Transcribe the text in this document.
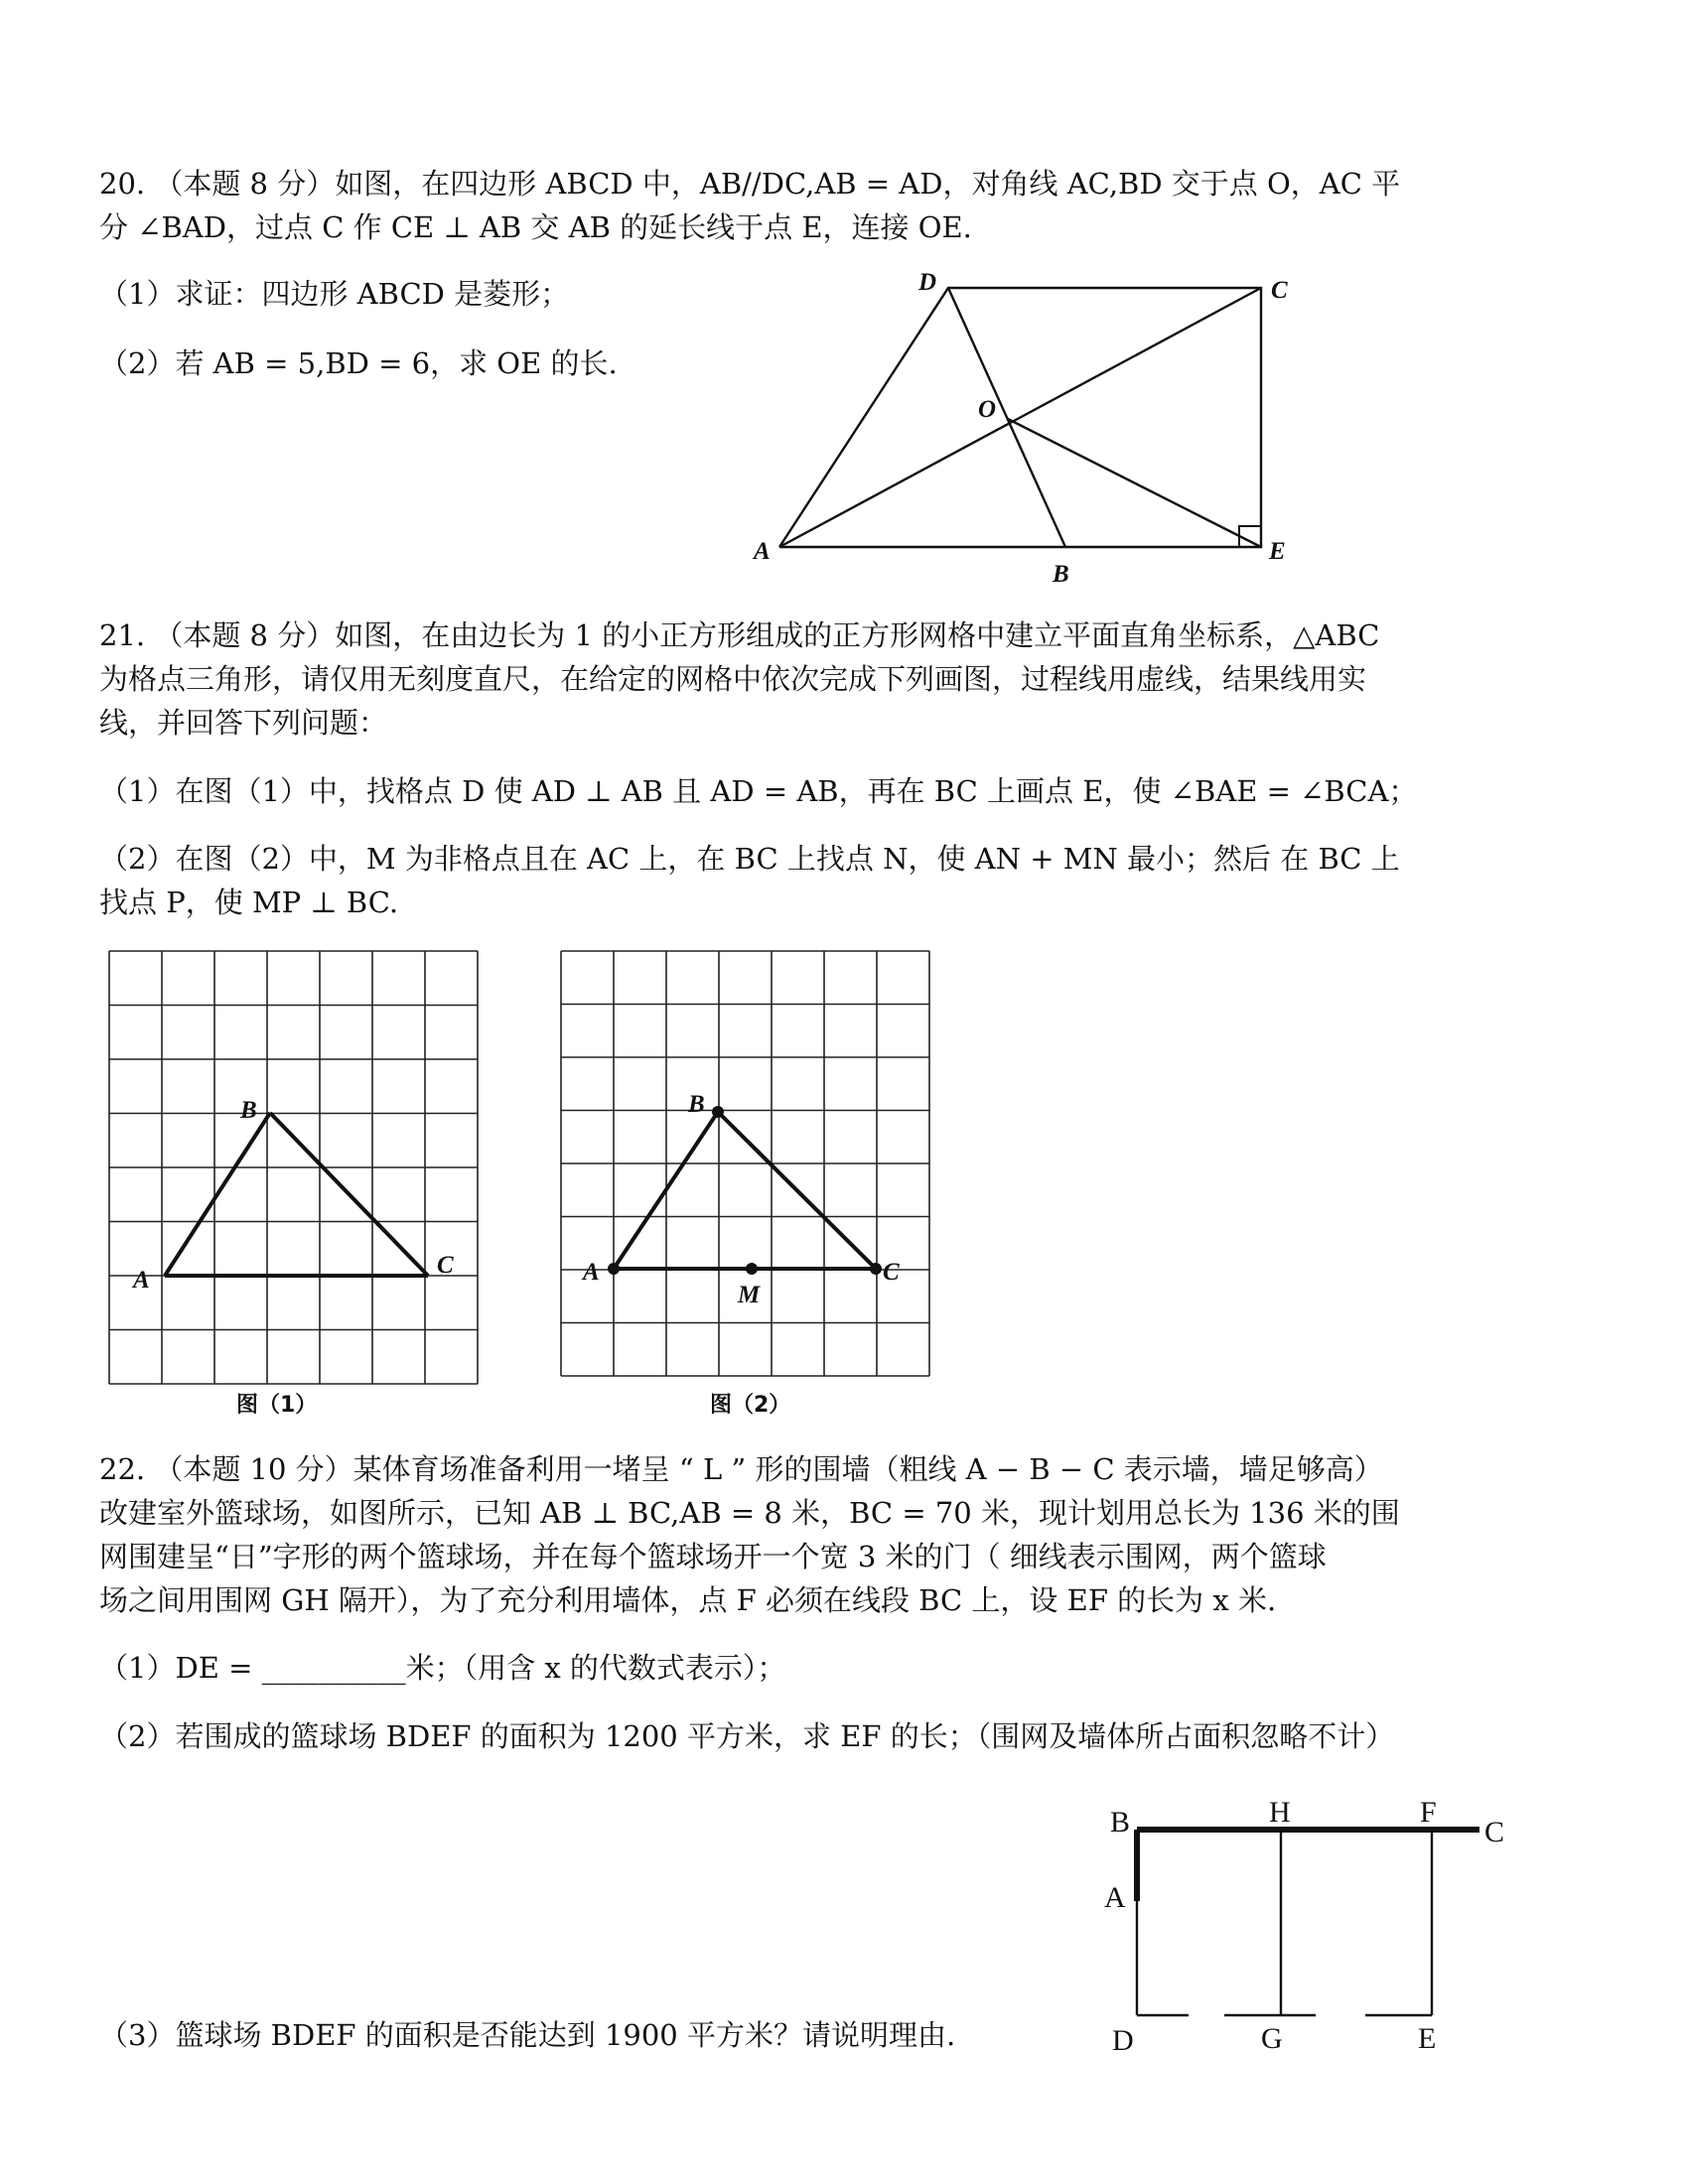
20. （本题 8 分）如图，在四边形 ABCD 中，AB//DC,AB = AD，对角线 AC,BD 交于点 O，AC 平
分 ∠BAD，过点 C 作 CE ⊥ AB 交 AB 的延长线于点 E，连接 OE.
（1）求证：四边形 ABCD 是菱形；
（2）若 AB = 5,BD = 6，求 OE 的长.
D	C
O
A
B
E
21. （本题 8 分）如图，在由边长为 1 的小正方形组成的正方形网格中建立平面直角坐标系，△ABC
为格点三角形，请仅用无刻度直尺，在给定的网格中依次完成下列画图，过程线用虚线，结果线用实
线，并回答下列问题：
（1）在图（1）中，找格点 D 使 AD ⊥ AB 且 AD = AB，再在 BC 上画点 E，使 ∠BAE = ∠BCA；
（2）在图（2）中，M 为非格点且在 AC 上，在 BC 上找点 N，使 AN + MN 最小；然后 在 BC 上
找点 P，使 MP ⊥ BC.
A
B
C
图（1）
A
B
C
M
图（2）
22. （本题 10 分）某体育场准备利用一堵呈 “ L ” 形的围墙（粗线 A − B − C 表示墙，墙足够高）
改建室外篮球场，如图所示，已知 AB ⊥ BC,AB = 8 米，BC = 70 米，现计划用总长为 136 米的围
网围建呈“日”字形的两个篮球场，并在每个篮球场开一个宽 3 米的门（ 细线表示围网，两个篮球
场之间用围网 GH 隔开），为了充分利用墙体，点 F 必须在线段 BC 上，设 EF 的长为 x 米.
（1）DE = __________米；（用含 x 的代数式表示）；
（2）若围成的篮球场 BDEF 的面积为 1200 平方米，求 EF 的长；（围网及墙体所占面积忽略不计）
（3）篮球场 BDEF 的面积是否能达到 1900 平方米？请说明理由.
B	H	F
C
A
D	G	E
